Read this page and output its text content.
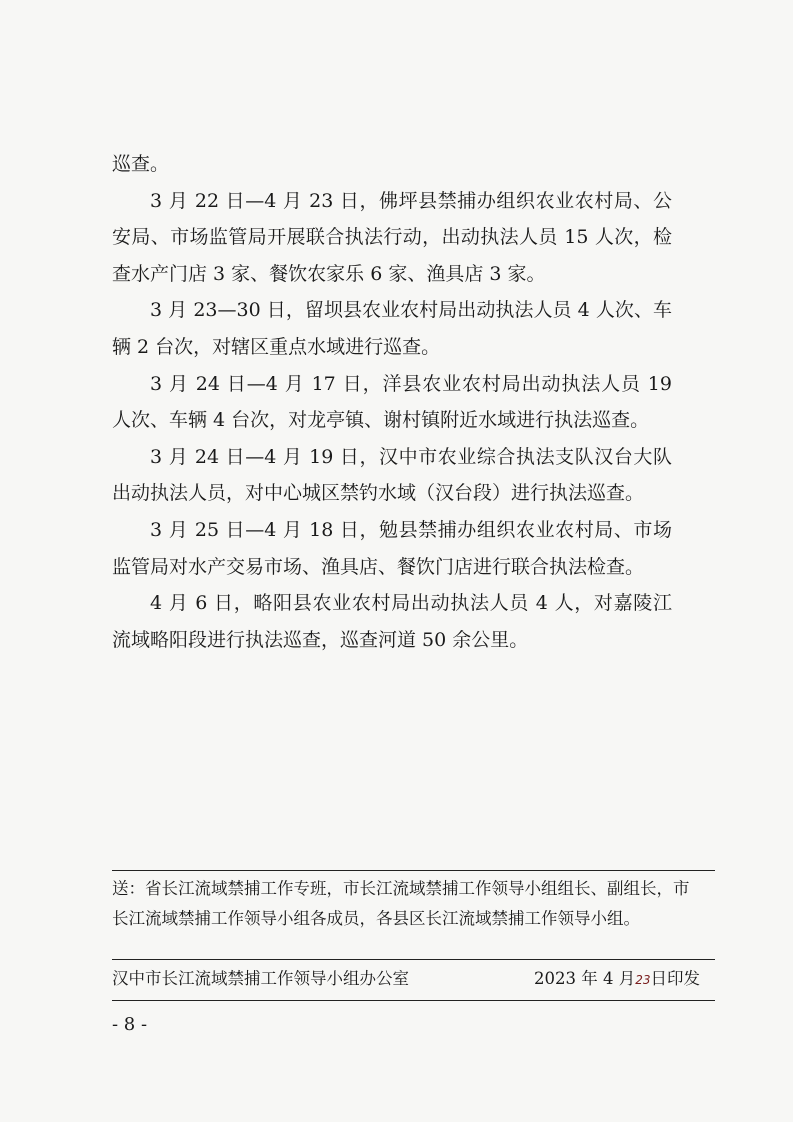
巡查。

3 月 22 日—4 月 23 日，佛坪县禁捕办组织农业农村局、公安局、市场监管局开展联合执法行动，出动执法人员 15 人次，检查水产门店 3 家、餐饮农家乐 6 家、渔具店 3 家。

3 月 23—30 日，留坝县农业农村局出动执法人员 4 人次、车辆 2 台次，对辖区重点水域进行巡查。

3 月 24 日—4 月 17 日，洋县农业农村局出动执法人员 19 人次、车辆 4 台次，对龙亭镇、谢村镇附近水域进行执法巡查。

3 月 24 日—4 月 19 日，汉中市农业综合执法支队汉台大队出动执法人员，对中心城区禁钓水域（汉台段）进行执法巡查。

3 月 25 日—4 月 18 日，勉县禁捕办组织农业农村局、市场监管局对水产交易市场、渔具店、餐饮门店进行联合执法检查。

4 月 6 日，略阳县农业农村局出动执法人员 4 人，对嘉陵江流域略阳段进行执法巡查，巡查河道 50 余公里。

送：省长江流域禁捕工作专班，市长江流域禁捕工作领导小组组长、副组长，市长江流域禁捕工作领导小组各成员，各县区长江流域禁捕工作领导小组。
汉中市长江流域禁捕工作领导小组办公室	2023 年 4 月23日印发
- 8 -
